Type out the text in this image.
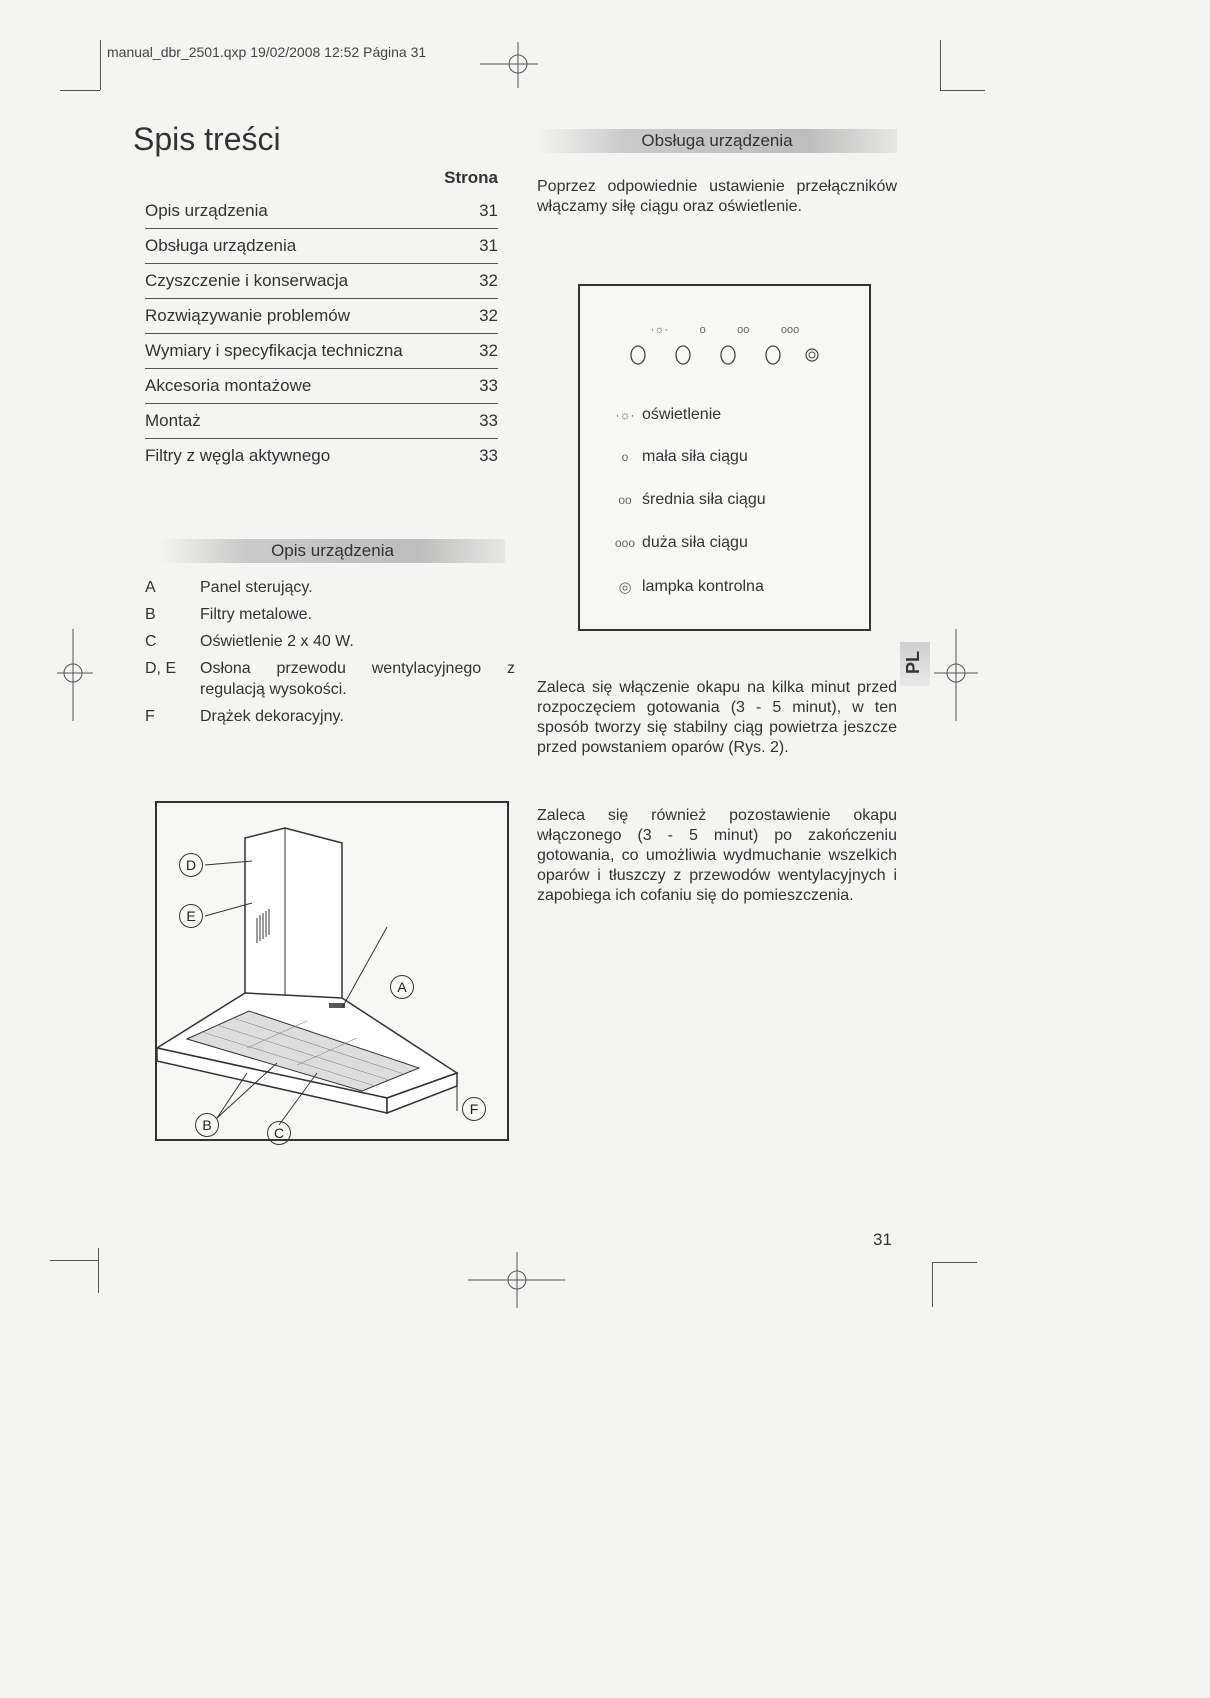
manual_dbr_2501.qxp 19/02/2008 12:52 Página 31
Spis treści
Strona
Opis urządzenia	31
Obsługa urządzenia	31
Czyszczenie i konserwacja	32
Rozwiązywanie problemów	32
Wymiary i specyfikacja techniczna	32
Akcesoria montażowe	33
Montaż	33
Filtry z węgla aktywnego	33
Opis urządzenia
A	Panel sterujący.
B	Filtry metalowe.
C	Oświetlenie 2 x 40 W.
D, E	Osłona przewodu wentylacyjnego z regulacją wysokości.
F	Drążek dekoracyjny.
D
E
A
B	C
F
Obsługa urządzenia
Poprzez odpowiednie ustawienie przełączników włączamy siłę ciągu oraz oświetlenie.
·☼·	o	oo	ooo
·☼· oświetlenie
o mała siła ciągu
oo średnia siła ciągu
ooo duża siła ciągu
◎ lampka kontrolna
Zaleca się włączenie okapu na kilka minut przed rozpoczęciem gotowania (3 - 5 minut), w ten sposób tworzy się stabilny ciąg powietrza jeszcze przed powstaniem oparów (Rys. 2).
Zaleca się również pozostawienie okapu włączonego (3 - 5 minut) po zakończeniu gotowania, co umożliwia wydmuchanie wszelkich oparów i tłuszczy z przewodów wentylacyjnych i zapobiega ich cofaniu się do pomieszczenia.
PL
31
